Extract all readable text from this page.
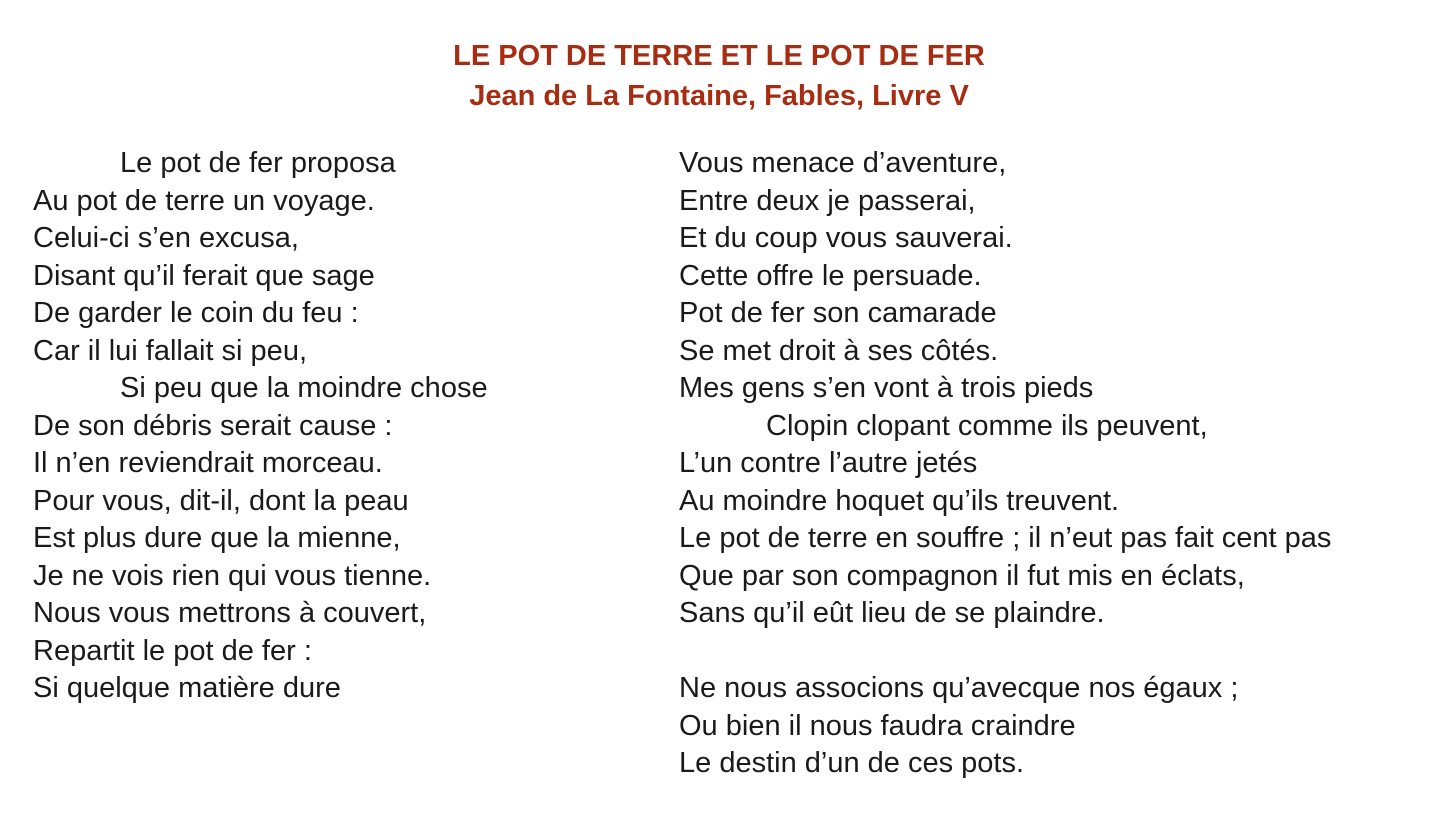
LE POT DE TERRE ET LE POT DE FER
Jean de La Fontaine, Fables, Livre V
Le pot de fer proposa
Au pot de terre un voyage.
Celui-ci s’en excusa,
Disant qu’il ferait que sage
De garder le coin du feu :
Car il lui fallait si peu,
Si peu que la moindre chose
De son débris serait cause :
Il n’en reviendrait morceau.
Pour vous, dit-il, dont la peau
Est plus dure que la mienne,
Je ne vois rien qui vous tienne.
Nous vous mettrons à couvert,
Repartit le pot de fer :
Si quelque matière dure
Vous menace d’aventure,
Entre deux je passerai,
Et du coup vous sauverai.
Cette offre le persuade.
Pot de fer son camarade
Se met droit à ses côtés.
Mes gens s’en vont à trois pieds
Clopin clopant comme ils peuvent,
L’un contre l’autre jetés
Au moindre hoquet qu’ils treuvent.
Le pot de terre en souffre ; il n’eut pas fait cent pas
Que par son compagnon il fut mis en éclats,
Sans qu’il eût lieu de se plaindre.
Ne nous associons qu’avecque nos égaux ;
Ou bien il nous faudra craindre
Le destin d’un de ces pots.
